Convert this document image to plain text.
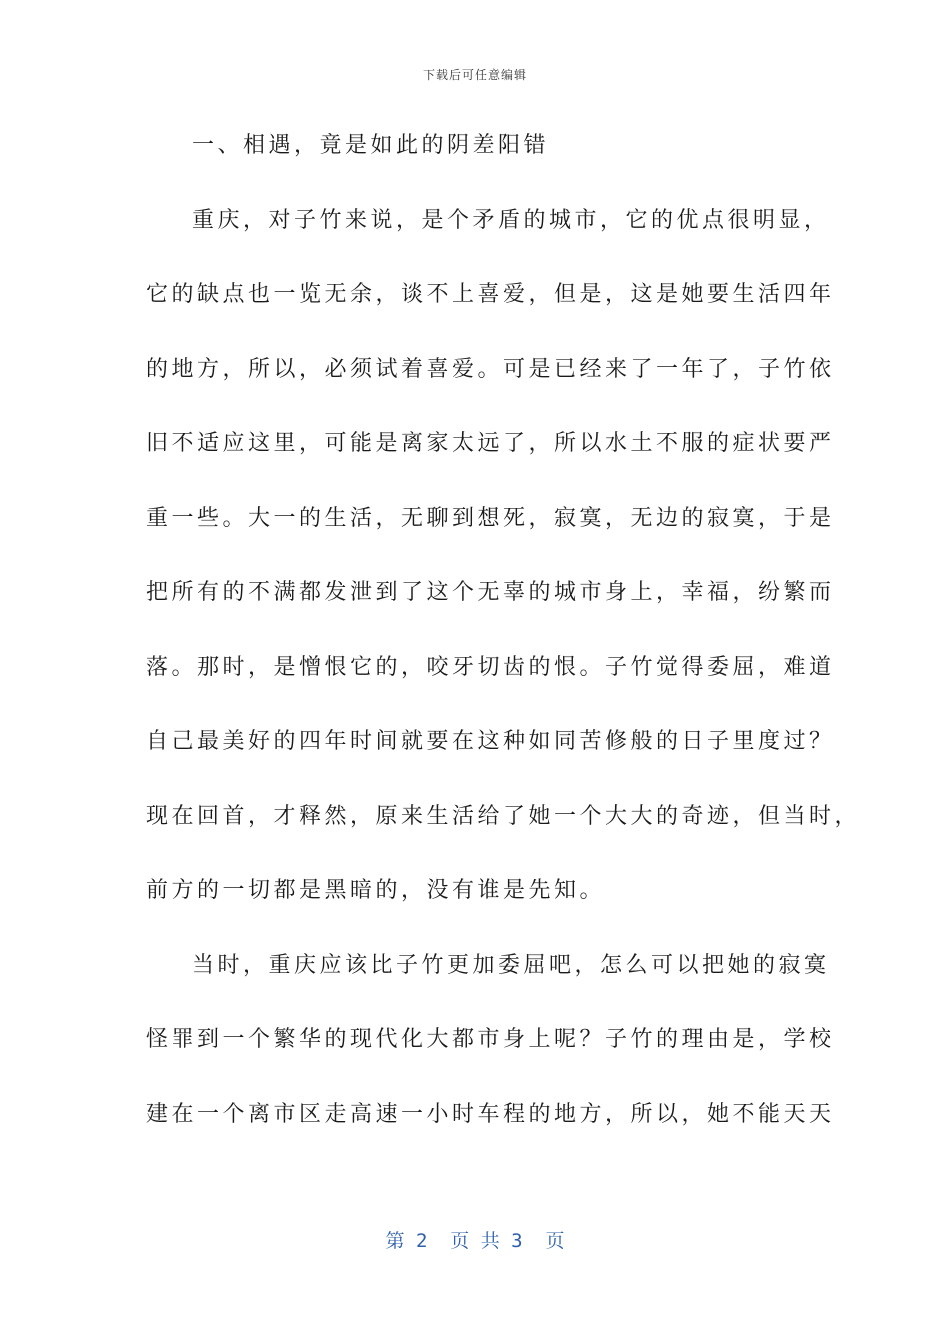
下载后可任意编辑
一、相遇，竟是如此的阴差阳错
重庆，对子竹来说，是个矛盾的城市，它的优点很明显，
它的缺点也一览无余，谈不上喜爱，但是，这是她要生活四年
的地方，所以，必须试着喜爱。可是已经来了一年了，子竹依
旧不适应这里，可能是离家太远了，所以水土不服的症状要严
重一些。大一的生活，无聊到想死，寂寞，无边的寂寞，于是
把所有的不满都发泄到了这个无辜的城市身上，幸福，纷繁而
落。那时，是憎恨它的，咬牙切齿的恨。子竹觉得委屈，难道
自己最美好的四年时间就要在这种如同苦修般的日子里度过？
现在回首，才释然，原来生活给了她一个大大的奇迹，但当时，
前方的一切都是黑暗的，没有谁是先知。
当时，重庆应该比子竹更加委屈吧，怎么可以把她的寂寞
怪罪到一个繁华的现代化大都市身上呢？子竹的理由是，学校
建在一个离市区走高速一小时车程的地方，所以，她不能天天
第 2  页 共 3  页
